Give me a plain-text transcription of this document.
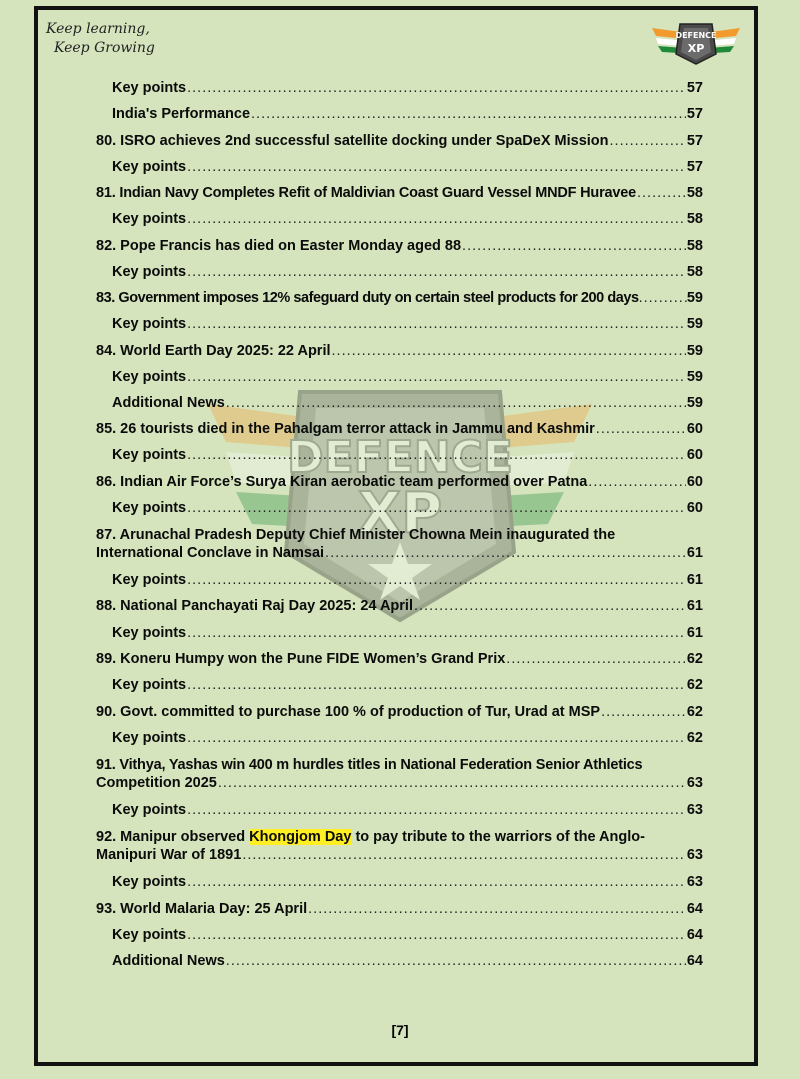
Keep learning,
Keep Growing
DEFENCE
XP
DEFENCE
XP
Key points .....	57
India's Performance .....	57
80. ISRO achieves 2nd successful satellite docking under SpaDeX Mission .....	57
Key points .....	57
81. Indian Navy Completes Refit of Maldivian Coast Guard Vessel MNDF Huravee .....	58
Key points .....	58
82. Pope Francis has died on Easter Monday aged 88 .....	58
Key points .....	58
83. Government imposes 12% safeguard duty on certain steel products for 200 days .....	59
Key points .....	59
84. World Earth Day 2025: 22 April .....	59
Key points .....	59
Additional News .....	59
85. 26 tourists died in the Pahalgam terror attack in Jammu and Kashmir .....	60
Key points .....	60
86. Indian Air Force’s Surya Kiran aerobatic team performed over Patna .....	60
Key points .....	60
87. Arunachal Pradesh Deputy Chief Minister Chowna Mein inaugurated the
International Conclave in Namsai .....	61
Key points .....	61
88. National Panchayati Raj Day 2025: 24 April .....	61
Key points .....	61
89. Koneru Humpy won the Pune FIDE Women’s Grand Prix .....	62
Key points .....	62
90. Govt. committed to purchase 100 % of production of Tur, Urad at MSP .....	62
Key points .....	62
91. Vithya, Yashas win 400 m hurdles titles in National Federation Senior Athletics
Competition 2025 .....	63
Key points .....	63
92. Manipur observed Khongjom Day to pay tribute to the warriors of the Anglo-
Manipuri War of 1891 .....	63
Key points .....	63
93. World Malaria Day: 25 April .....	64
Key points .....	64
Additional News .....	64
[7]
